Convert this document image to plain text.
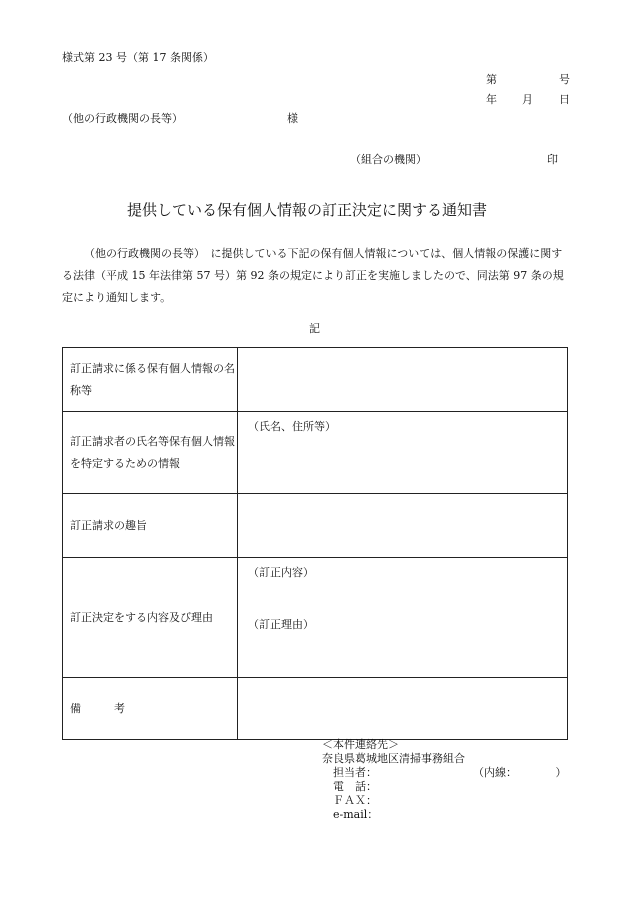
様式第 23 号（第 17 条関係）
第	号
年 月 日
（他の行政機関の長等）	様
（組合の機関）	印
提供している保有個人情報の訂正決定に関する通知書
（他の行政機関の長等）　に提供している下記の保有個人情報については、個人情報の保護に関する法律（平成 15 年法律第 57 号）第 92 条の規定により訂正を実施しましたので、同法第 97 条の規定により通知します。
記
訂正請求に係る保有個人情報の名称等	
訂正請求者の氏名等保有個人情報を特定するための情報	（氏名、住所等）

訂正請求の趣旨	
訂正決定をする内容及び理由	（訂正内容）
（訂正理由）

備　　　考	
＜本件連絡先＞
奈良県葛城地区清掃事務組合
　担当者：	（内線：　　　　）
　電　話：
　ＦＡＸ：
　e-mail：
